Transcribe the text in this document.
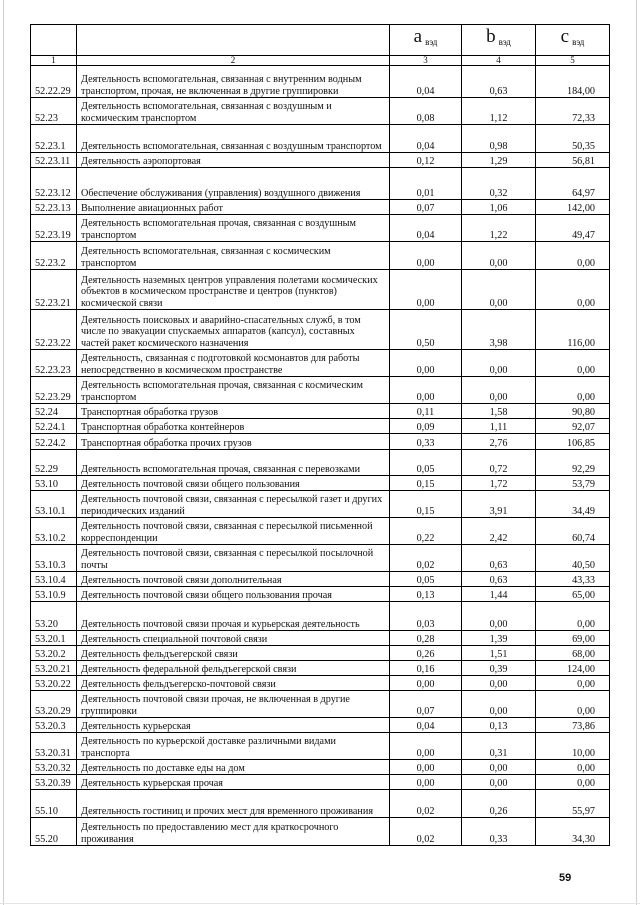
		a вэд	b вэд	c вэд
1	2	3	4	5
52.22.29	Деятельность вспомогательная, связанная с внутренним водным транспортом, прочая, не включенная в другие группировки	0,04	0,63	184,00
52.23	Деятельность вспомогательная, связанная с воздушным и космическим транспортом	0,08	1,12	72,33
52.23.1	Деятельность вспомогательная, связанная с воздушным транспортом	0,04	0,98	50,35
52.23.11	Деятельность аэропортовая	0,12	1,29	56,81
52.23.12	Обеспечение обслуживания (управления) воздушного движения	0,01	0,32	64,97
52.23.13	Выполнение авиационных работ	0,07	1,06	142,00
52.23.19	Деятельность вспомогательная прочая, связанная с воздушным транспортом	0,04	1,22	49,47
52.23.2	Деятельность вспомогательная, связанная с космическим транспортом	0,00	0,00	0,00
52.23.21	Деятельность наземных центров управления полетами космических объектов в космическом пространстве и центров (пунктов) космической связи	0,00	0,00	0,00
52.23.22	Деятельность поисковых и аварийно-спасательных служб, в том числе по эвакуации спускаемых аппаратов (капсул), составных частей ракет космического назначения	0,50	3,98	116,00
52.23.23	Деятельность, связанная с подготовкой космонавтов для работы непосредственно в космическом пространстве	0,00	0,00	0,00
52.23.29	Деятельность вспомогательная прочая, связанная с космическим транспортом	0,00	0,00	0,00
52.24	Транспортная обработка грузов	0,11	1,58	90,80
52.24.1	Транспортная обработка контейнеров	0,09	1,11	92,07
52.24.2	Транспортная обработка прочих грузов	0,33	2,76	106,85
52.29	Деятельность вспомогательная прочая, связанная с перевозками	0,05	0,72	92,29
53.10	Деятельность почтовой связи общего пользования	0,15	1,72	53,79
53.10.1	Деятельность почтовой связи, связанная с пересылкой газет и других периодических изданий	0,15	3,91	34,49
53.10.2	Деятельность почтовой связи, связанная с пересылкой письменной корреспонденции	0,22	2,42	60,74
53.10.3	Деятельность почтовой связи, связанная с пересылкой посылочной почты	0,02	0,63	40,50
53.10.4	Деятельность почтовой связи дополнительная	0,05	0,63	43,33
53.10.9	Деятельность почтовой связи общего пользования прочая	0,13	1,44	65,00
53.20	Деятельность почтовой связи прочая и курьерская деятельность	0,03	0,00	0,00
53.20.1	Деятельность специальной почтовой связи	0,28	1,39	69,00
53.20.2	Деятельность фельдъегерской связи	0,26	1,51	68,00
53.20.21	Деятельность федеральной фельдъегерской связи	0,16	0,39	124,00
53.20.22	Деятельность фельдъегерско-почтовой связи	0,00	0,00	0,00
53.20.29	Деятельность почтовой связи прочая, не включенная в другие группировки	0,07	0,00	0,00
53.20.3	Деятельность курьерская	0,04	0,13	73,86
53.20.31	Деятельность по курьерской доставке различными видами транспорта	0,00	0,31	10,00
53.20.32	Деятельность по доставке еды на дом	0,00	0,00	0,00
53.20.39	Деятельность курьерская прочая	0,00	0,00	0,00
55.10	Деятельность гостиниц и прочих мест для временного проживания	0,02	0,26	55,97
55.20	Деятельность по предоставлению мест для краткосрочного проживания	0,02	0,33	34,30
59
